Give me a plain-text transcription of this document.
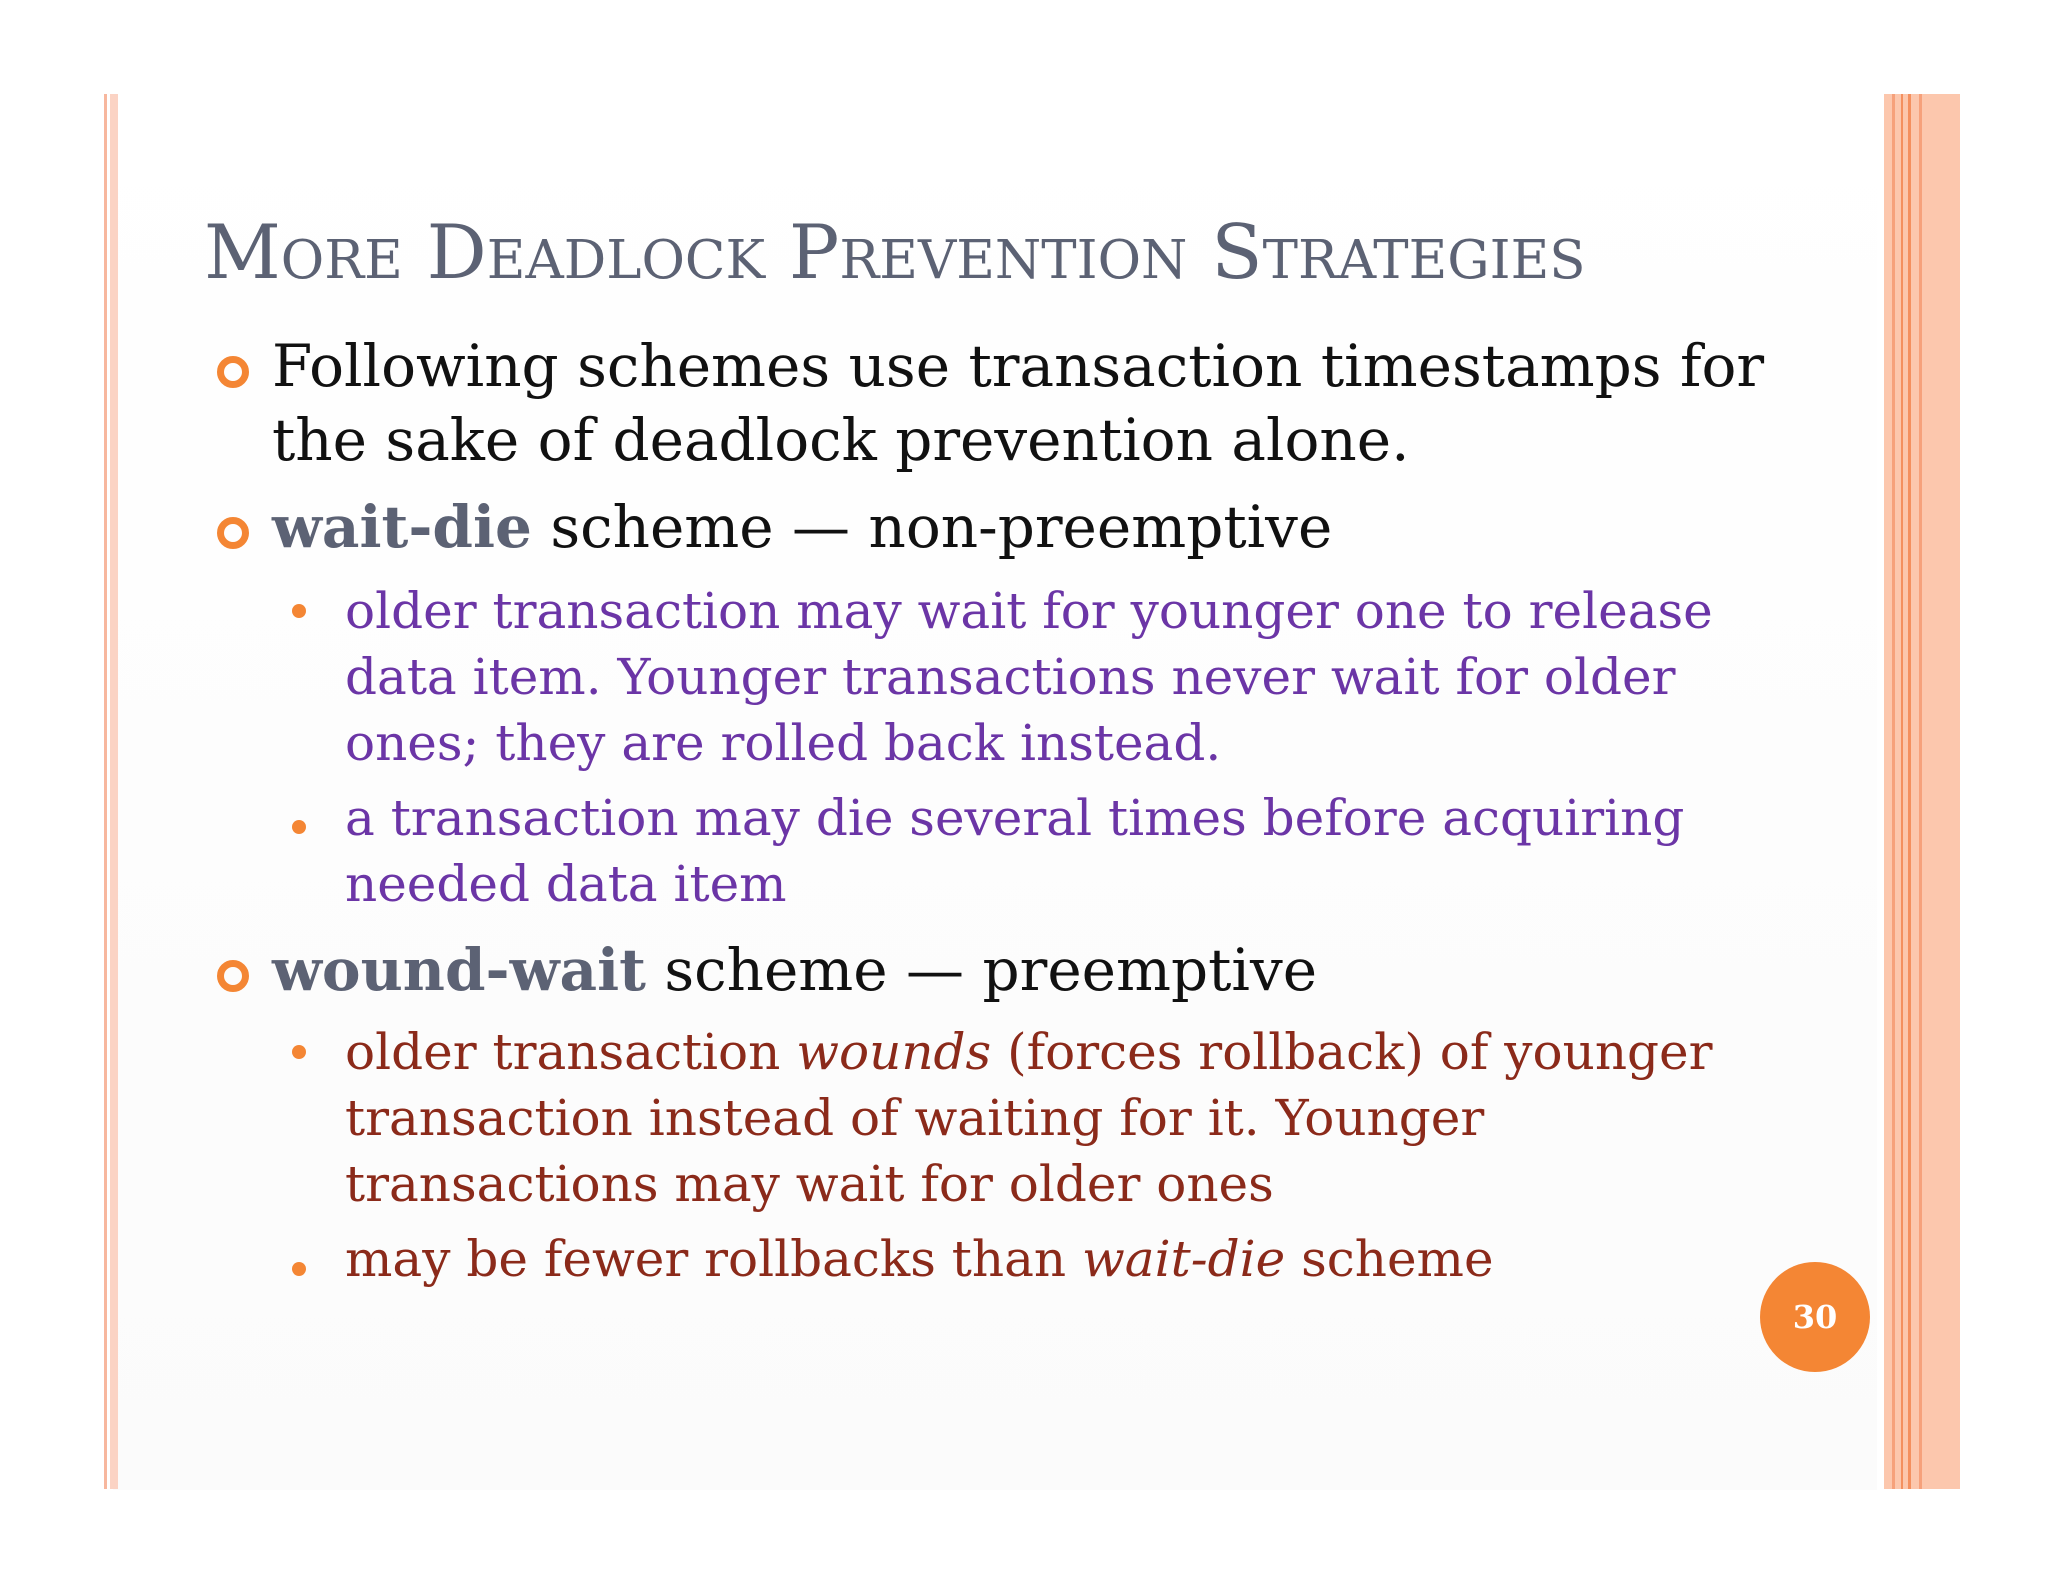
More Deadlock Prevention Strategies

Following schemes use transaction timestamps for
the sake of deadlock prevention alone.

wait-die scheme — non-preemptive

older transaction may wait for younger one to release
data item. Younger transactions never wait for older
ones; they are rolled back instead.

a transaction may die several times before acquiring
needed data item

wound-wait scheme — preemptive

older transaction wounds (forces rollback) of younger
transaction instead of waiting for it. Younger
transactions may wait for older ones

may be fewer rollbacks than wait-die scheme

30
